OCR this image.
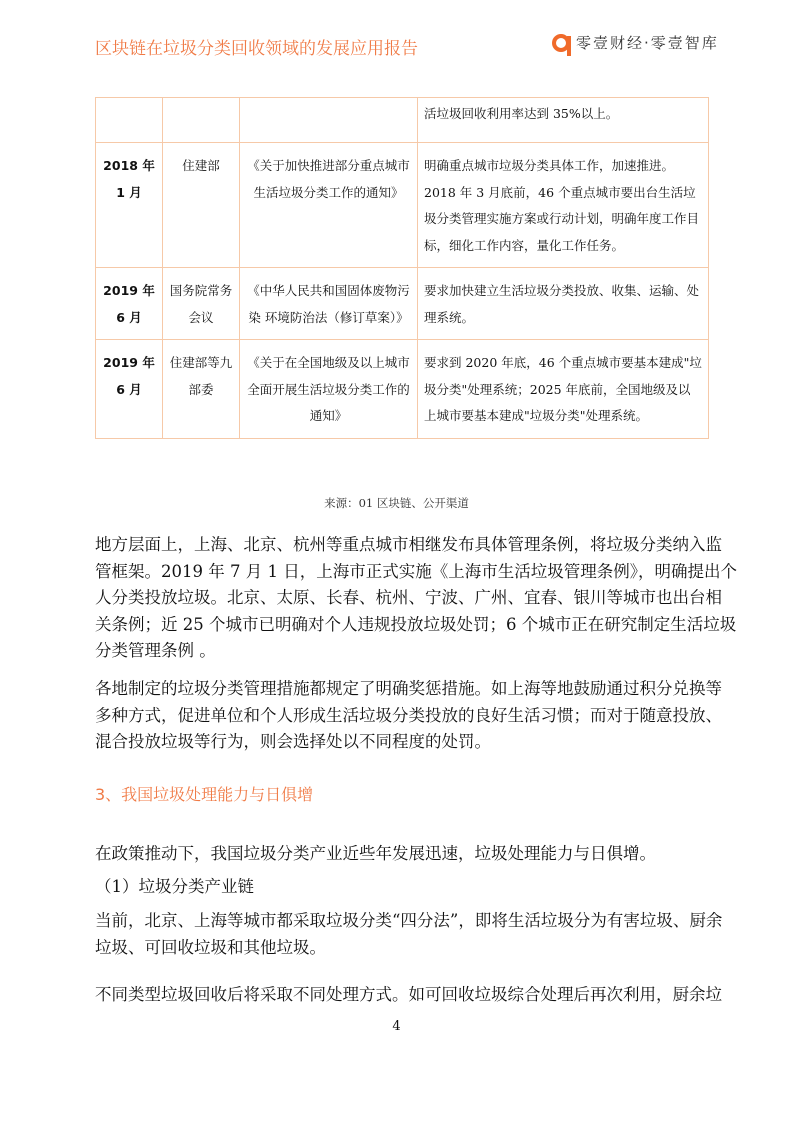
区块链在垃圾分类回收领域的发展应用报告	零壹财经·零壹智库
			活垃圾回收利用率达到 35%以上。
2018 年 1 月	住建部	《关于加快推进部分重点城市生活垃圾分类工作的通知》	明确重点城市垃圾分类具体工作，加速推进。2018 年 3 月底前，46 个重点城市要出台生活垃圾分类管理实施方案或行动计划，明确年度工作目标，细化工作内容，量化工作任务。
2019 年 6 月	国务院常务会议	《中华人民共和国固体废物污染 环境防治法（修订草案）》	要求加快建立生活垃圾分类投放、收集、运输、处理系统。
2019 年 6 月	住建部等九部委	《关于在全国地级及以上城市全面开展生活垃圾分类工作的通知》	要求到 2020 年底，46 个重点城市要基本建成"垃圾分类"处理系统；2025 年底前，全国地级及以上城市要基本建成"垃圾分类"处理系统。
来源：01 区块链、公开渠道
地方层面上，上海、北京、杭州等重点城市相继发布具体管理条例，将垃圾分类纳入监
管框架。2019 年 7 月 1 日，上海市正式实施《上海市生活垃圾管理条例》，明确提出个
人分类投放垃圾。北京、太原、长春、杭州、宁波、广州、宜春、银川等城市也出台相
关条例；近 25 个城市已明确对个人违规投放垃圾处罚；6 个城市正在研究制定生活垃圾
分类管理条例 。
各地制定的垃圾分类管理措施都规定了明确奖惩措施。如上海等地鼓励通过积分兑换等
多种方式，促进单位和个人形成生活垃圾分类投放的良好生活习惯；而对于随意投放、
混合投放垃圾等行为，则会选择处以不同程度的处罚。
3、我国垃圾处理能力与日俱增
在政策推动下，我国垃圾分类产业近些年发展迅速，垃圾处理能力与日俱增。
（1）垃圾分类产业链
当前，北京、上海等城市都采取垃圾分类“四分法”，即将生活垃圾分为有害垃圾、厨余
垃圾、可回收垃圾和其他垃圾。
不同类型垃圾回收后将采取不同处理方式。如可回收垃圾综合处理后再次利用，厨余垃
4
